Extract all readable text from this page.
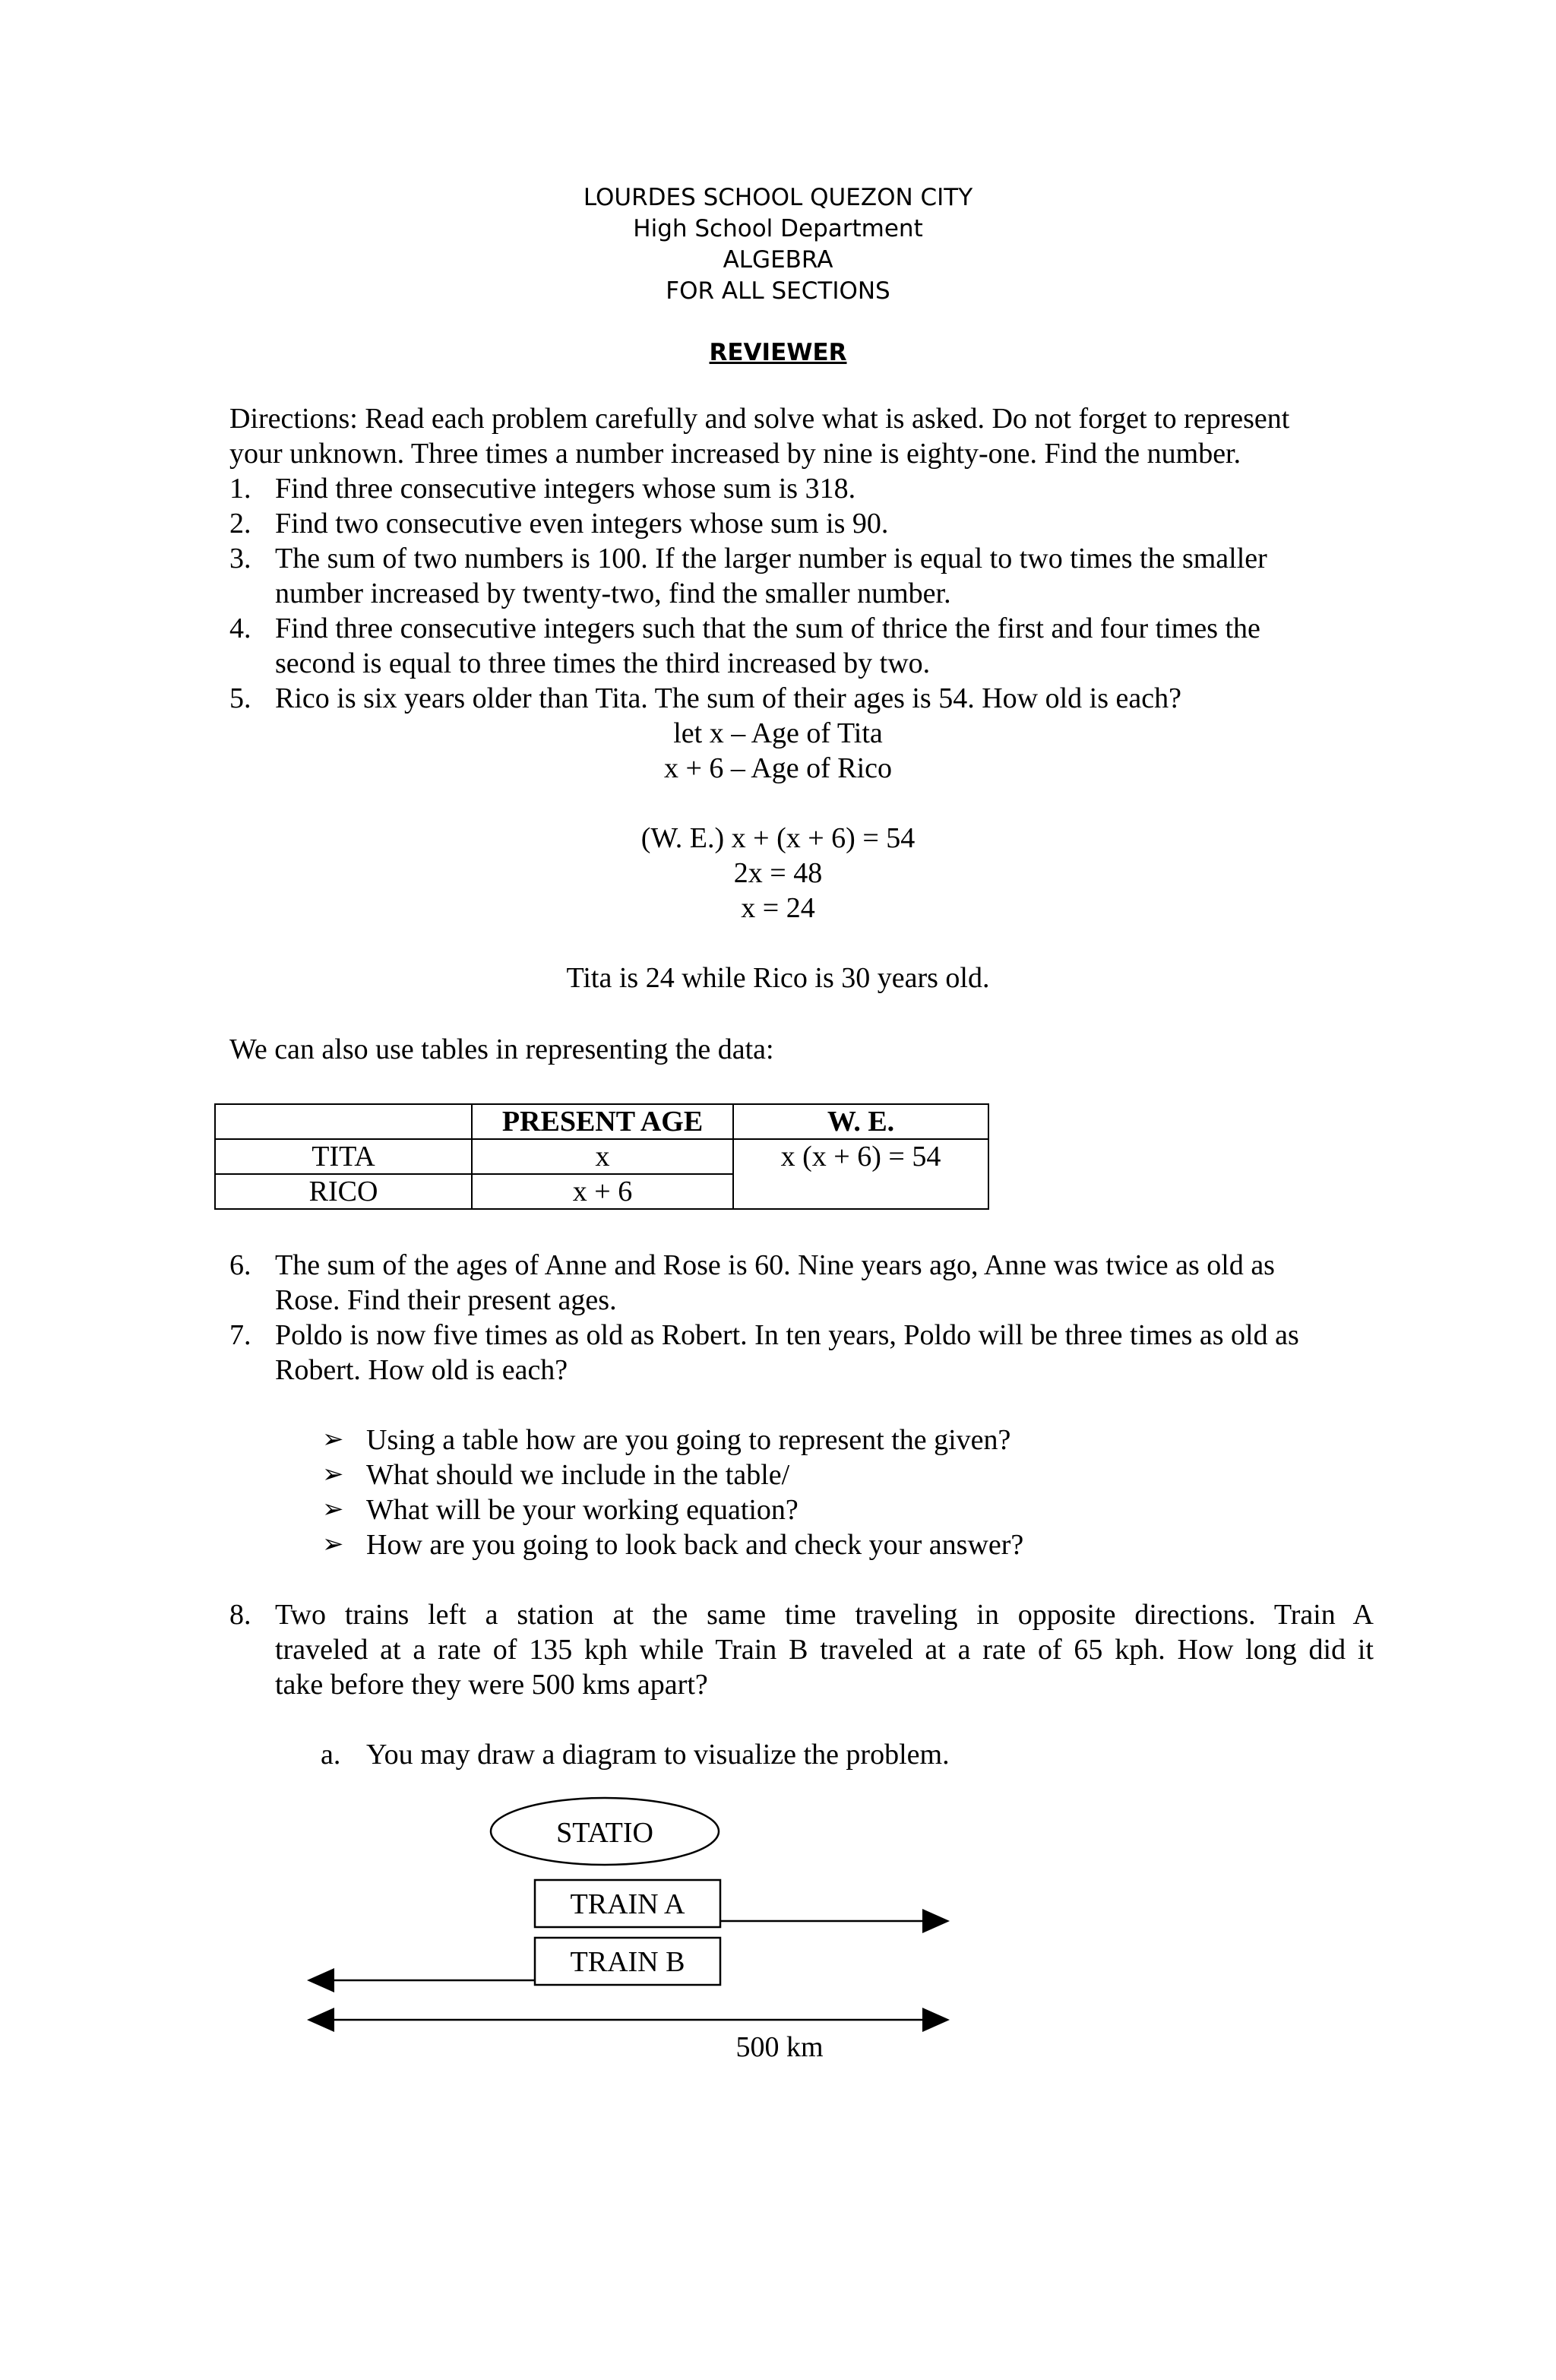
LOURDES SCHOOL QUEZON CITY
High School Department
ALGEBRA
FOR ALL SECTIONS
REVIEWER
Directions: Read each problem carefully and solve what is asked. Do not forget to represent
your unknown. Three times a number increased by nine is eighty-one. Find the number.
1. Find three consecutive integers whose sum is 318.
2. Find two consecutive even integers whose sum is 90.
3. The sum of two numbers is 100. If the larger number is equal to two times the smaller
number increased by twenty-two, find the smaller number.
4. Find three consecutive integers such that the sum of thrice the first and four times the
second is equal to three times the third increased by two.
5. Rico is six years older than Tita. The sum of their ages is 54. How old is each?
let x – Age of Tita
x + 6 – Age of Rico
(W. E.) x + (x + 6) = 54
2x = 48
x = 24
Tita is 24 while Rico is 30 years old.
We can also use tables in representing the data:
	PRESENT AGE	W. E.
TITA	x	x (x + 6) = 54
RICO	x + 6	
6. The sum of the ages of Anne and Rose is 60. Nine years ago, Anne was twice as old as
Rose. Find their present ages.
7. Poldo is now five times as old as Robert. In ten years, Poldo will be three times as old as
Robert. How old is each?
➢ Using a table how are you going to represent the given?
➢ What should we include in the table/
➢ What will be your working equation?
➢ How are you going to look back and check your answer?
8. Two trains left a station at the same time traveling in opposite directions. Train A
traveled at a rate of 135 kph while Train B traveled at a rate of 65 kph. How long did it
take before they were 500 kms apart?
a. You may draw a diagram to visualize the problem.
STATIO
TRAIN A
TRAIN B
500 km
